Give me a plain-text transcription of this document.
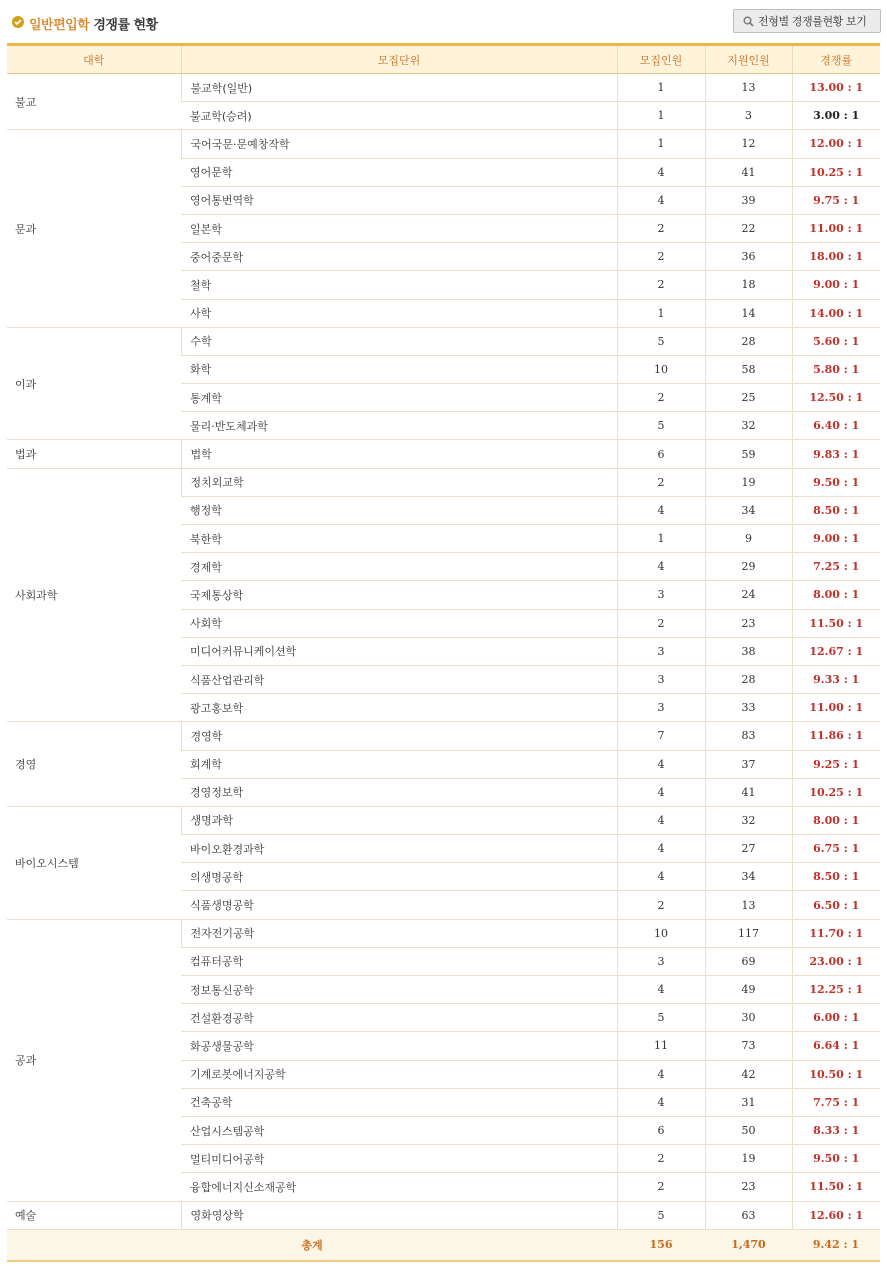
일반편입학 경쟁률 현황	전형별 경쟁률현황 보기
대학	모집단위	모집인원	지원인원	경쟁률
불교	불교학(일반)	1	13	13.00 : 1
	불교학(승려)	1	3	3.00 : 1
문과	국어국문·문예창작학	1	12	12.00 : 1
	영어문학	4	41	10.25 : 1
	영어통번역학	4	39	9.75 : 1
	일본학	2	22	11.00 : 1
	중어중문학	2	36	18.00 : 1
	철학	2	18	9.00 : 1
	사학	1	14	14.00 : 1
이과	수학	5	28	5.60 : 1
	화학	10	58	5.80 : 1
	통계학	2	25	12.50 : 1
	물리·반도체과학	5	32	6.40 : 1
법과	법학	6	59	9.83 : 1
사회과학	정치외교학	2	19	9.50 : 1
	행정학	4	34	8.50 : 1
	북한학	1	9	9.00 : 1
	경제학	4	29	7.25 : 1
	국제통상학	3	24	8.00 : 1
	사회학	2	23	11.50 : 1
	미디어커뮤니케이션학	3	38	12.67 : 1
	식품산업관리학	3	28	9.33 : 1
	광고홍보학	3	33	11.00 : 1
경영	경영학	7	83	11.86 : 1
	회계학	4	37	9.25 : 1
	경영정보학	4	41	10.25 : 1
바이오시스템	생명과학	4	32	8.00 : 1
	바이오환경과학	4	27	6.75 : 1
	의생명공학	4	34	8.50 : 1
	식품생명공학	2	13	6.50 : 1
공과	전자전기공학	10	117	11.70 : 1
	컴퓨터공학	3	69	23.00 : 1
	정보통신공학	4	49	12.25 : 1
	건설환경공학	5	30	6.00 : 1
	화공생물공학	11	73	6.64 : 1
	기계로봇에너지공학	4	42	10.50 : 1
	건축공학	4	31	7.75 : 1
	산업시스템공학	6	50	8.33 : 1
	멀티미디어공학	2	19	9.50 : 1
	융합에너지신소재공학	2	23	11.50 : 1
예술	영화영상학	5	63	12.60 : 1
총계		156	1,470	9.42 : 1
